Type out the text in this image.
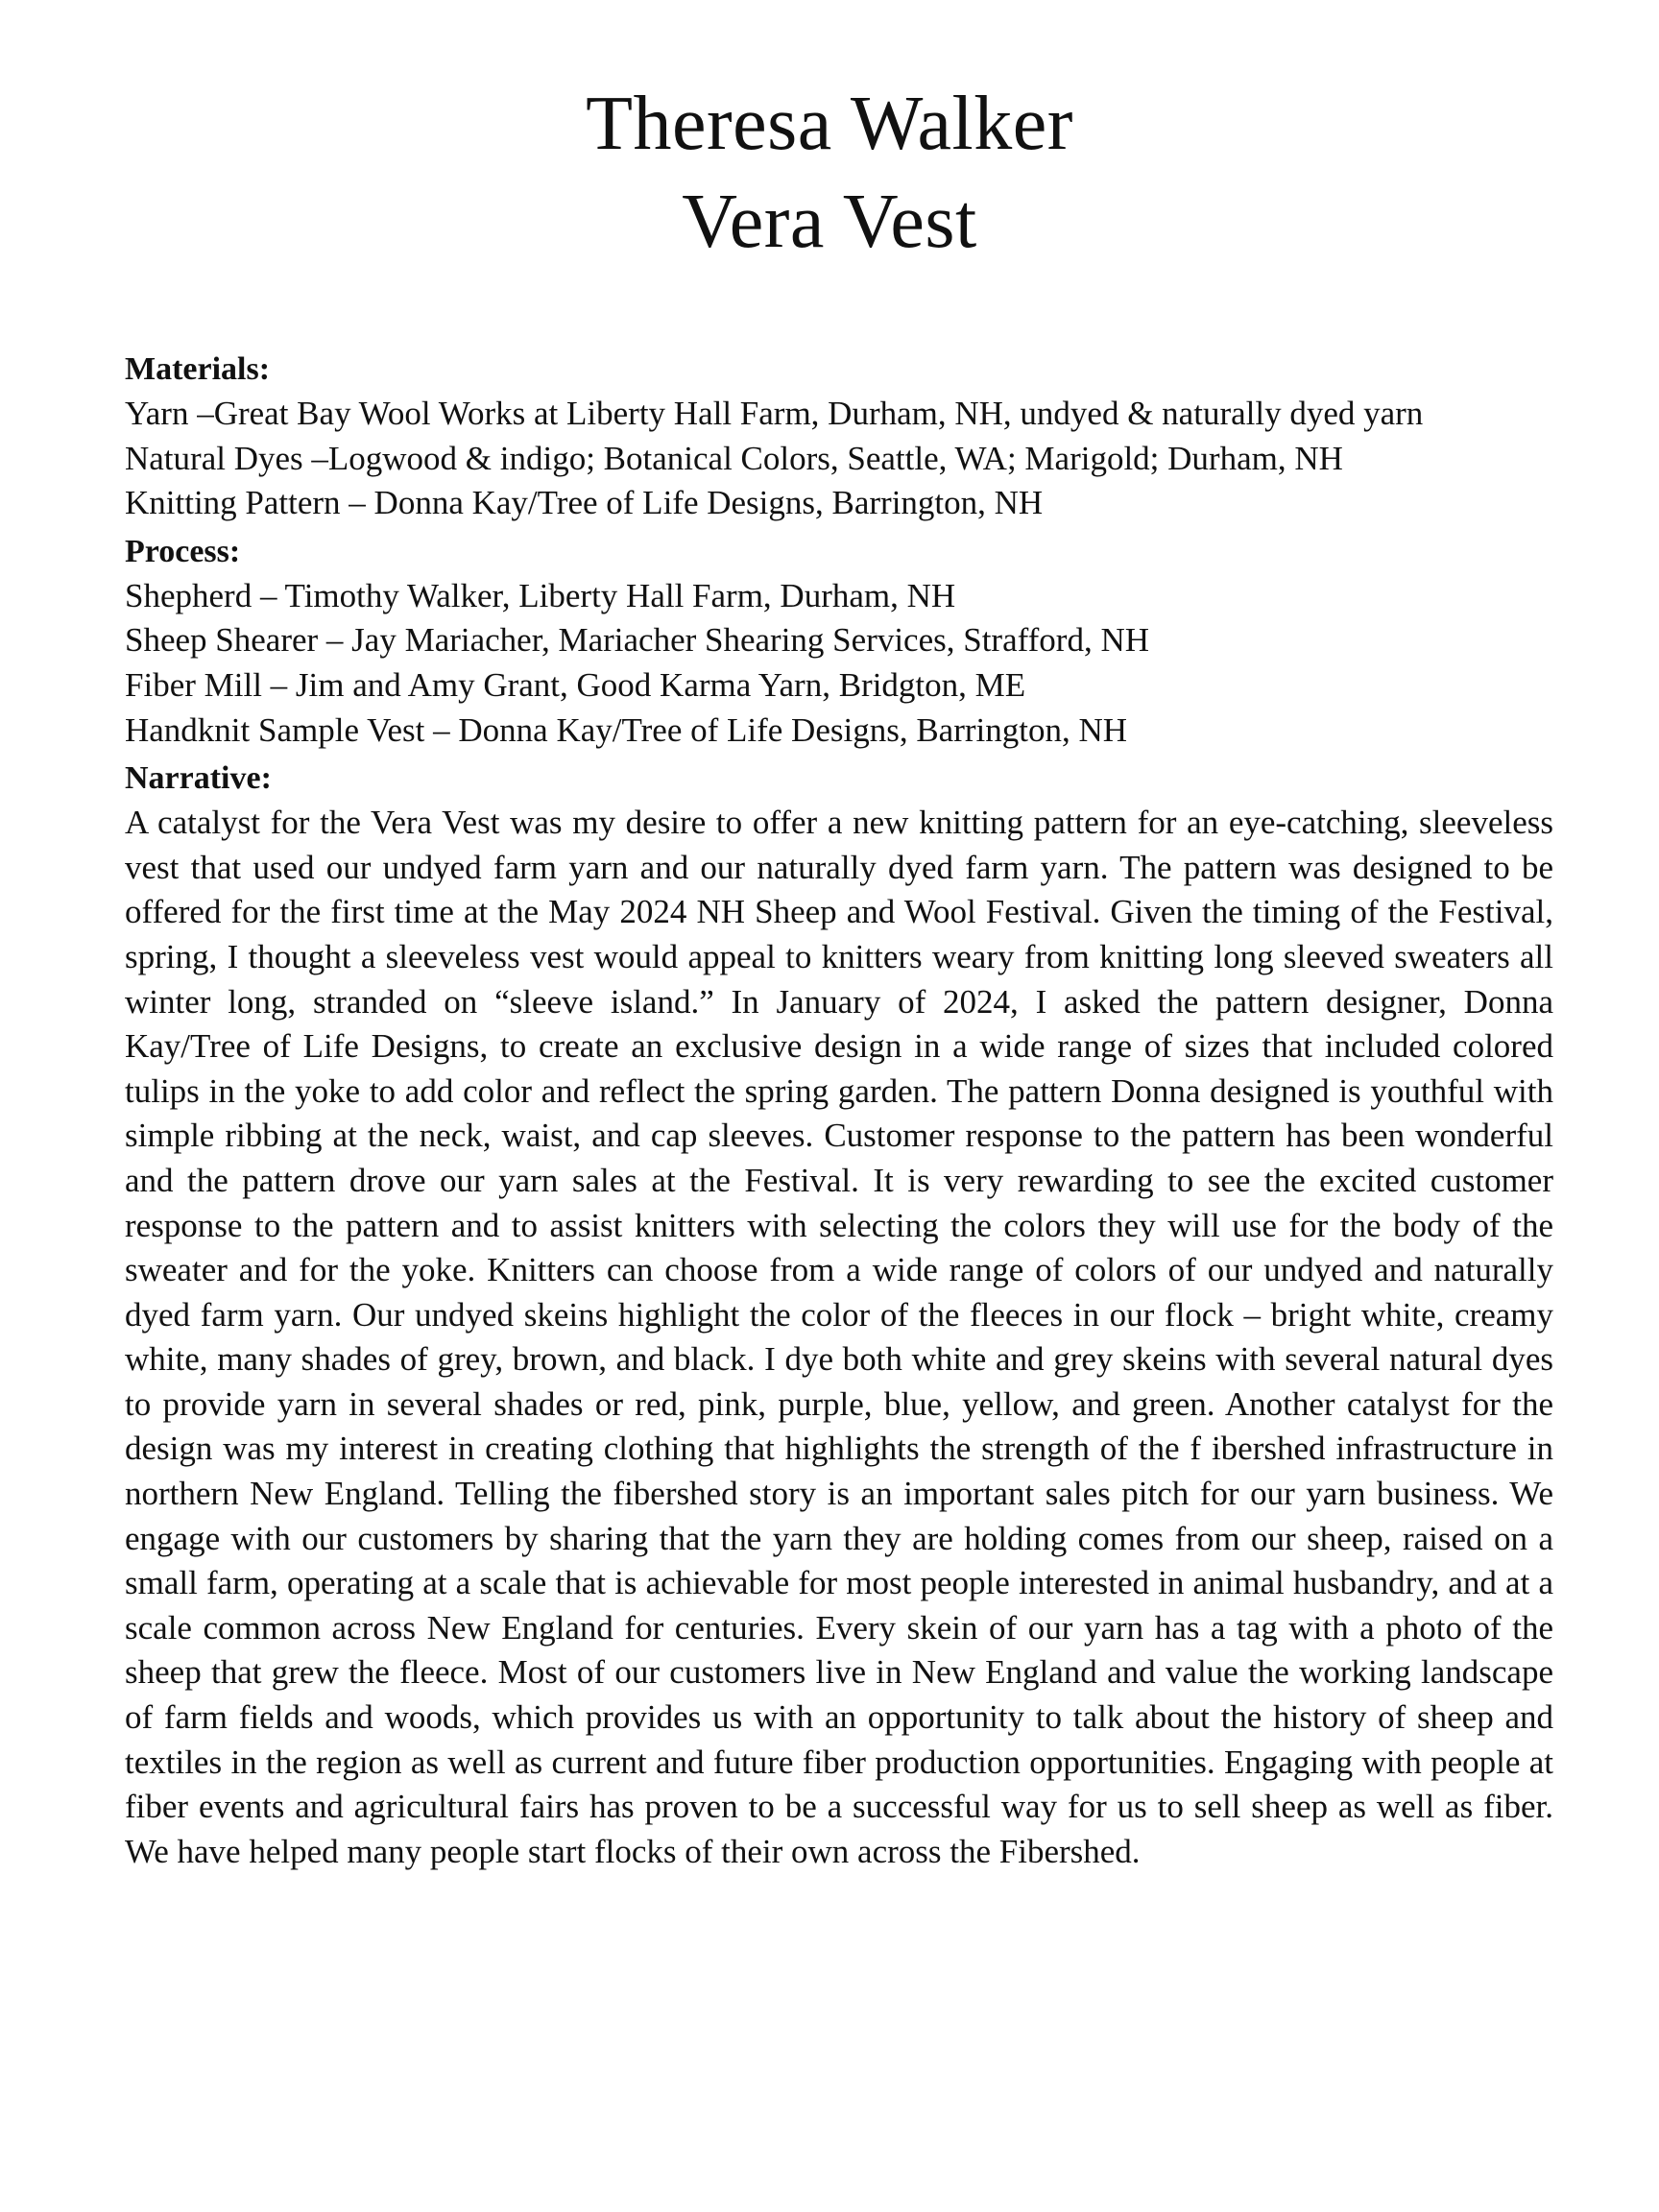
Theresa Walker
Vera Vest

Materials:

Yarn –Great Bay Wool Works at Liberty Hall Farm, Durham, NH, undyed & naturally dyed yarn

Natural Dyes –Logwood & indigo; Botanical Colors, Seattle, WA; Marigold; Durham, NH

Knitting Pattern – Donna Kay/Tree of Life Designs, Barrington, NH

Process:

Shepherd – Timothy Walker, Liberty Hall Farm, Durham, NH

Sheep Shearer – Jay Mariacher, Mariacher Shearing Services, Strafford, NH

Fiber Mill – Jim and Amy Grant, Good Karma Yarn, Bridgton, ME

Handknit Sample Vest – Donna Kay/Tree of Life Designs, Barrington, NH

Narrative:

A catalyst for the Vera Vest was my desire to offer a new knitting pattern for an eye-catching, sleeveless vest that used our undyed farm yarn and our naturally dyed farm yarn. The pattern was designed to be offered for the first time at the May 2024 NH Sheep and Wool Festival. Given the timing of the Festival, spring, I thought a sleeveless vest would appeal to knitters weary from knitting long sleeved sweaters all winter long, stranded on “sleeve island.” In January of 2024, I asked the pattern designer, Donna Kay/Tree of Life Designs, to create an exclusive design in a wide range of sizes that included colored tulips in the yoke to add color and reflect the spring garden. The pattern Donna designed is youthful with simple ribbing at the neck, waist, and cap sleeves. Customer response to the pattern has been wonderful and the pattern drove our yarn sales at the Festival. It is very rewarding to see the excited customer response to the pattern and to assist knitters with selecting the colors they will use for the body of the sweater and for the yoke. Knitters can choose from a wide range of colors of our undyed and naturally dyed farm yarn. Our undyed skeins highlight the color of the fleeces in our flock – bright white, creamy white, many shades of grey, brown, and black. I dye both white and grey skeins with several natural dyes to provide yarn in several shades or red, pink, purple, blue, yellow, and green. Another catalyst for the design was my interest in creating clothing that highlights the strength of the f ibershed infrastructure in northern New England. Telling the fibershed story is an important sales pitch for our yarn business. We engage with our customers by sharing that the yarn they are holding comes from our sheep, raised on a small farm, operating at a scale that is achievable for most people interested in animal husbandry, and at a scale common across New England for centuries. Every skein of our yarn has a tag with a photo of the sheep that grew the fleece. Most of our customers live in New England and value the working landscape of farm fields and woods, which provides us with an opportunity to talk about the history of sheep and textiles in the region as well as current and future fiber production opportunities. Engaging with people at fiber events and agricultural fairs has proven to be a successful way for us to sell sheep as well as fiber. We have helped many people start flocks of their own across the Fibershed.
